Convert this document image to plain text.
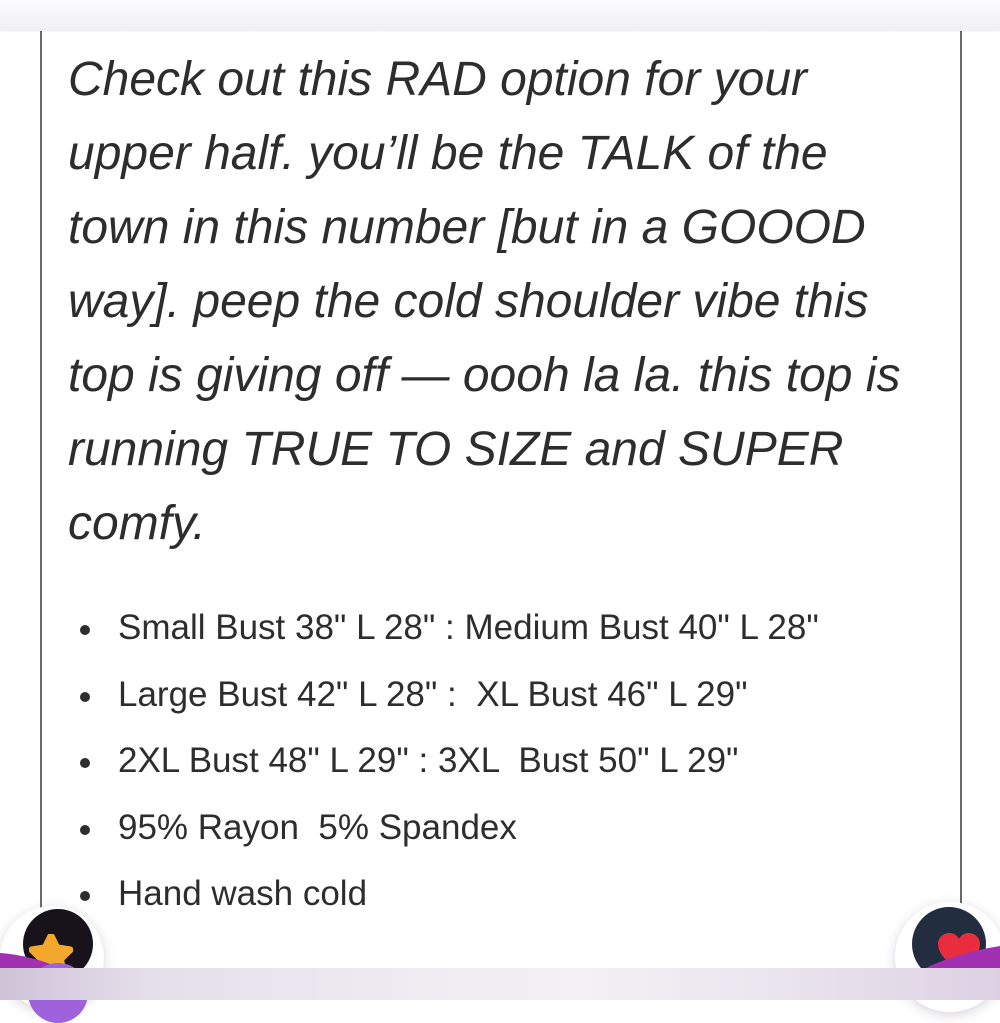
Check out this RAD option for your
upper half. you’ll be the TALK of the
town in this number [but in a GOOOD
way]. peep the cold shoulder vibe this
top is giving off — oooh la la. this top is
running TRUE TO SIZE and SUPER
comfy.
Small Bust 38" L 28" : Medium Bust 40" L 28"
Large Bust 42" L 28" :  XL Bust 46" L 29"
2XL Bust 48" L 29" : 3XL  Bust 50" L 29"
95% Rayon  5% Spandex
Hand wash cold
